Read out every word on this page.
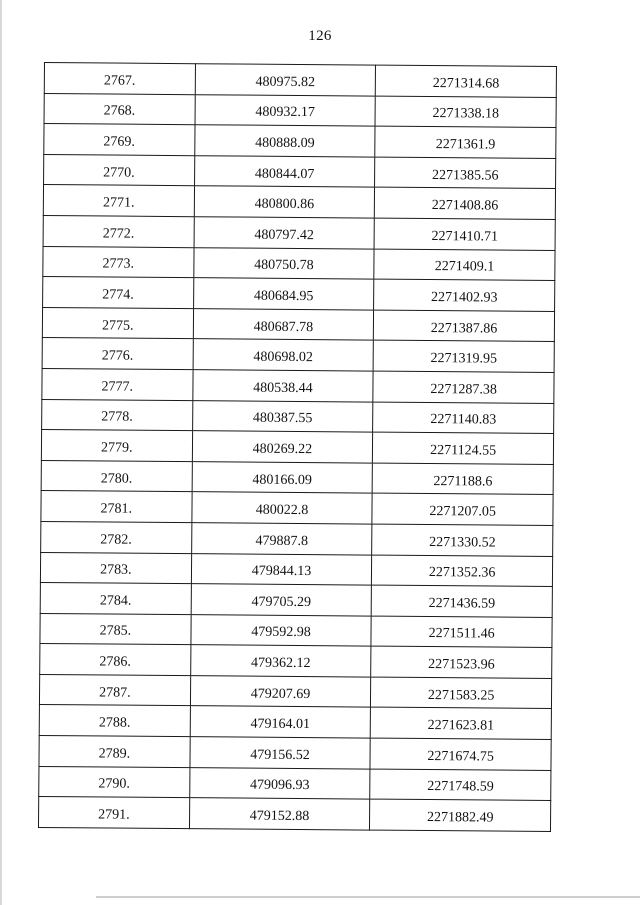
126
2767.	480975.82	2271314.68
2768.	480932.17	2271338.18
2769.	480888.09	2271361.9
2770.	480844.07	2271385.56
2771.	480800.86	2271408.86
2772.	480797.42	2271410.71
2773.	480750.78	2271409.1
2774.	480684.95	2271402.93
2775.	480687.78	2271387.86
2776.	480698.02	2271319.95
2777.	480538.44	2271287.38
2778.	480387.55	2271140.83
2779.	480269.22	2271124.55
2780.	480166.09	2271188.6
2781.	480022.8	2271207.05
2782.	479887.8	2271330.52
2783.	479844.13	2271352.36
2784.	479705.29	2271436.59
2785.	479592.98	2271511.46
2786.	479362.12	2271523.96
2787.	479207.69	2271583.25
2788.	479164.01	2271623.81
2789.	479156.52	2271674.75
2790.	479096.93	2271748.59
2791.	479152.88	2271882.49
